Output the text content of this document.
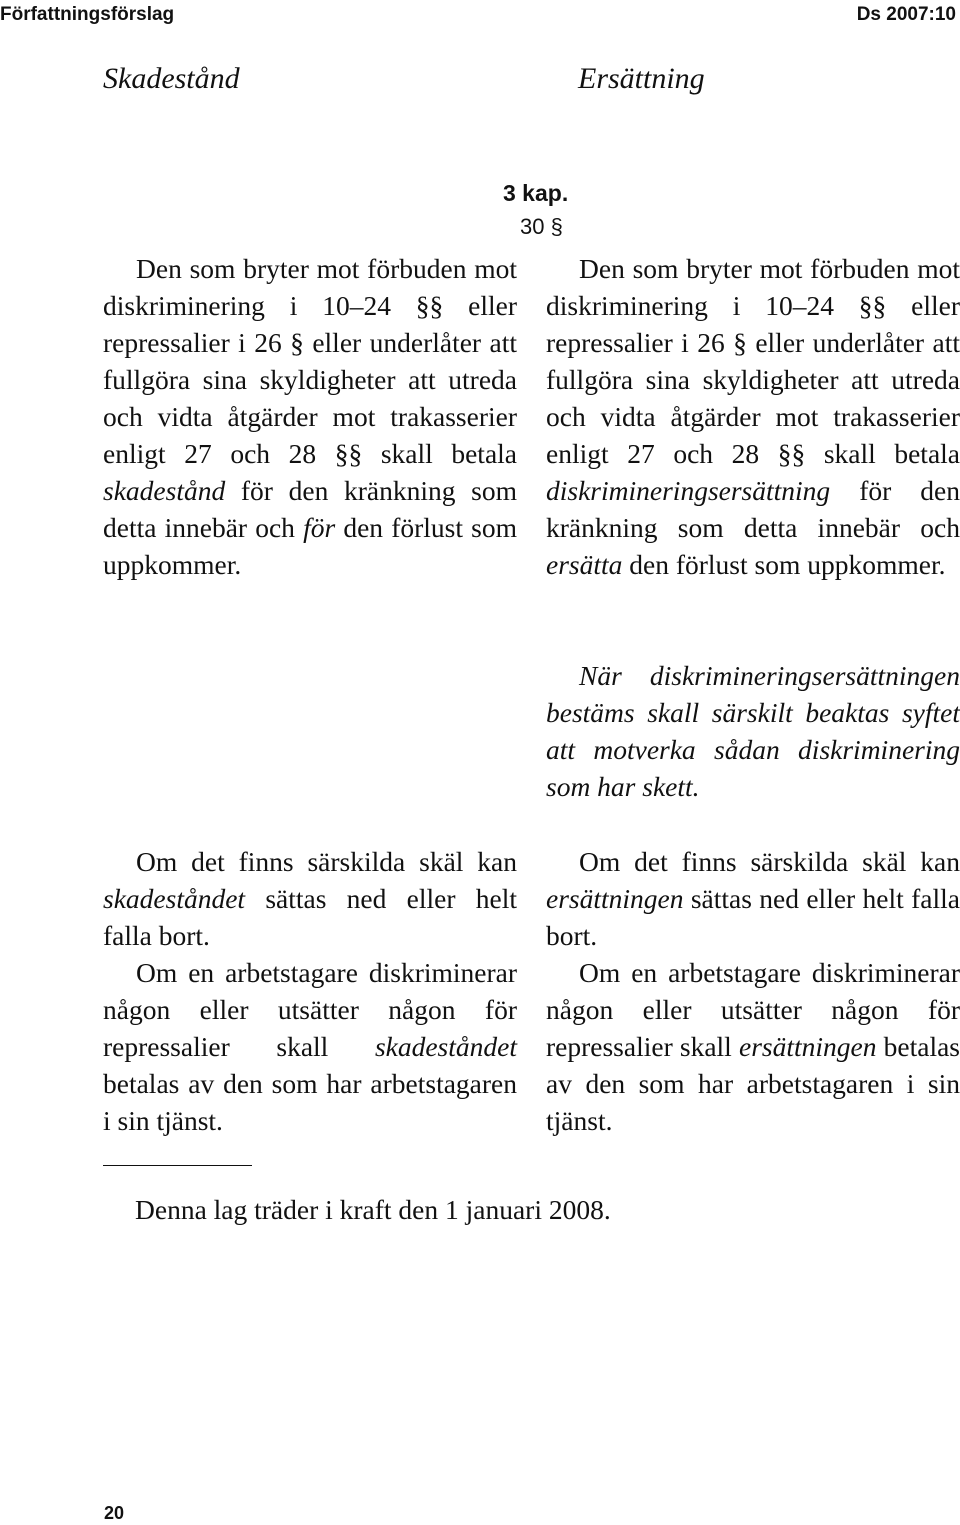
Författningsförslag	Ds 2007:10
Skadestånd	Ersättning
3 kap.
30 §

Den som bryter mot förbuden mot diskriminering i 10–24 §§ eller repressalier i 26 § eller underlåter att fullgöra sina skyldigheter att utreda och vidta åtgärder mot trakasserier enligt 27 och 28 §§ skall betala skadestånd för den kränkning som detta innebär och för den förlust som uppkommer.

Om det finns särskilda skäl kan skadeståndet sättas ned eller helt falla bort.

Om en arbetstagare diskriminerar någon eller utsätter någon för repressalier skall skadeståndet betalas av den som har arbetstagaren i sin tjänst.

Den som bryter mot förbuden mot diskriminering i 10–24 §§ eller repressalier i 26 § eller underlåter att fullgöra sina skyldigheter att utreda och vidta åtgärder mot trakasserier enligt 27 och 28 §§ skall betala diskrimineringsersättning för den kränkning som detta innebär och ersätta den förlust som uppkommer.

När diskrimineringsersättningen bestäms skall särskilt beaktas syftet att motverka sådan diskriminering som har skett.

Om det finns särskilda skäl kan ersättningen sättas ned eller helt falla bort.

Om en arbetstagare diskriminerar någon eller utsätter någon för repressalier skall ersättningen betalas av den som har arbetstagaren i sin tjänst.

Denna lag träder i kraft den 1 januari 2008.
20
